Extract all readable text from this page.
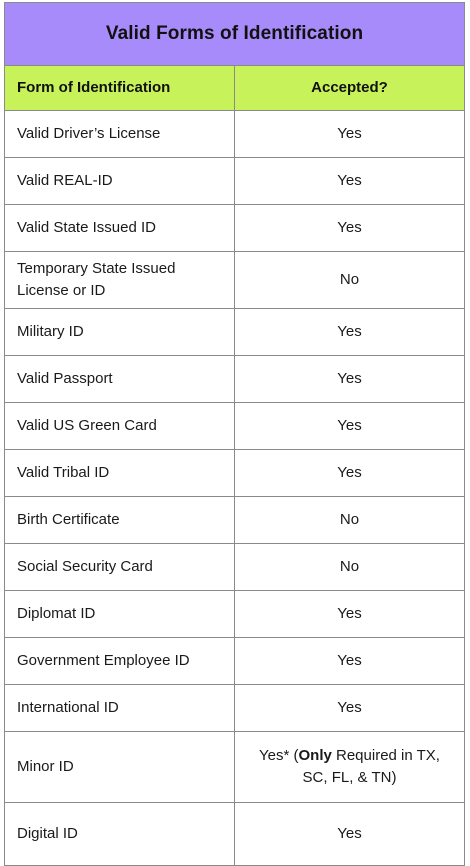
Valid Forms of Identification	
Form of Identification	Accepted?
Valid Driver’s License	Yes
Valid REAL-ID	Yes
Valid State Issued ID	Yes
Temporary State Issued License or ID	No
Military ID	Yes
Valid Passport	Yes
Valid US Green Card	Yes
Valid Tribal ID	Yes
Birth Certificate	No
Social Security Card	No
Diplomat ID	Yes
Government Employee ID	Yes
International ID	Yes
Minor ID	Yes* (Only Required in TX, SC, FL, & TN)
Digital ID	Yes
